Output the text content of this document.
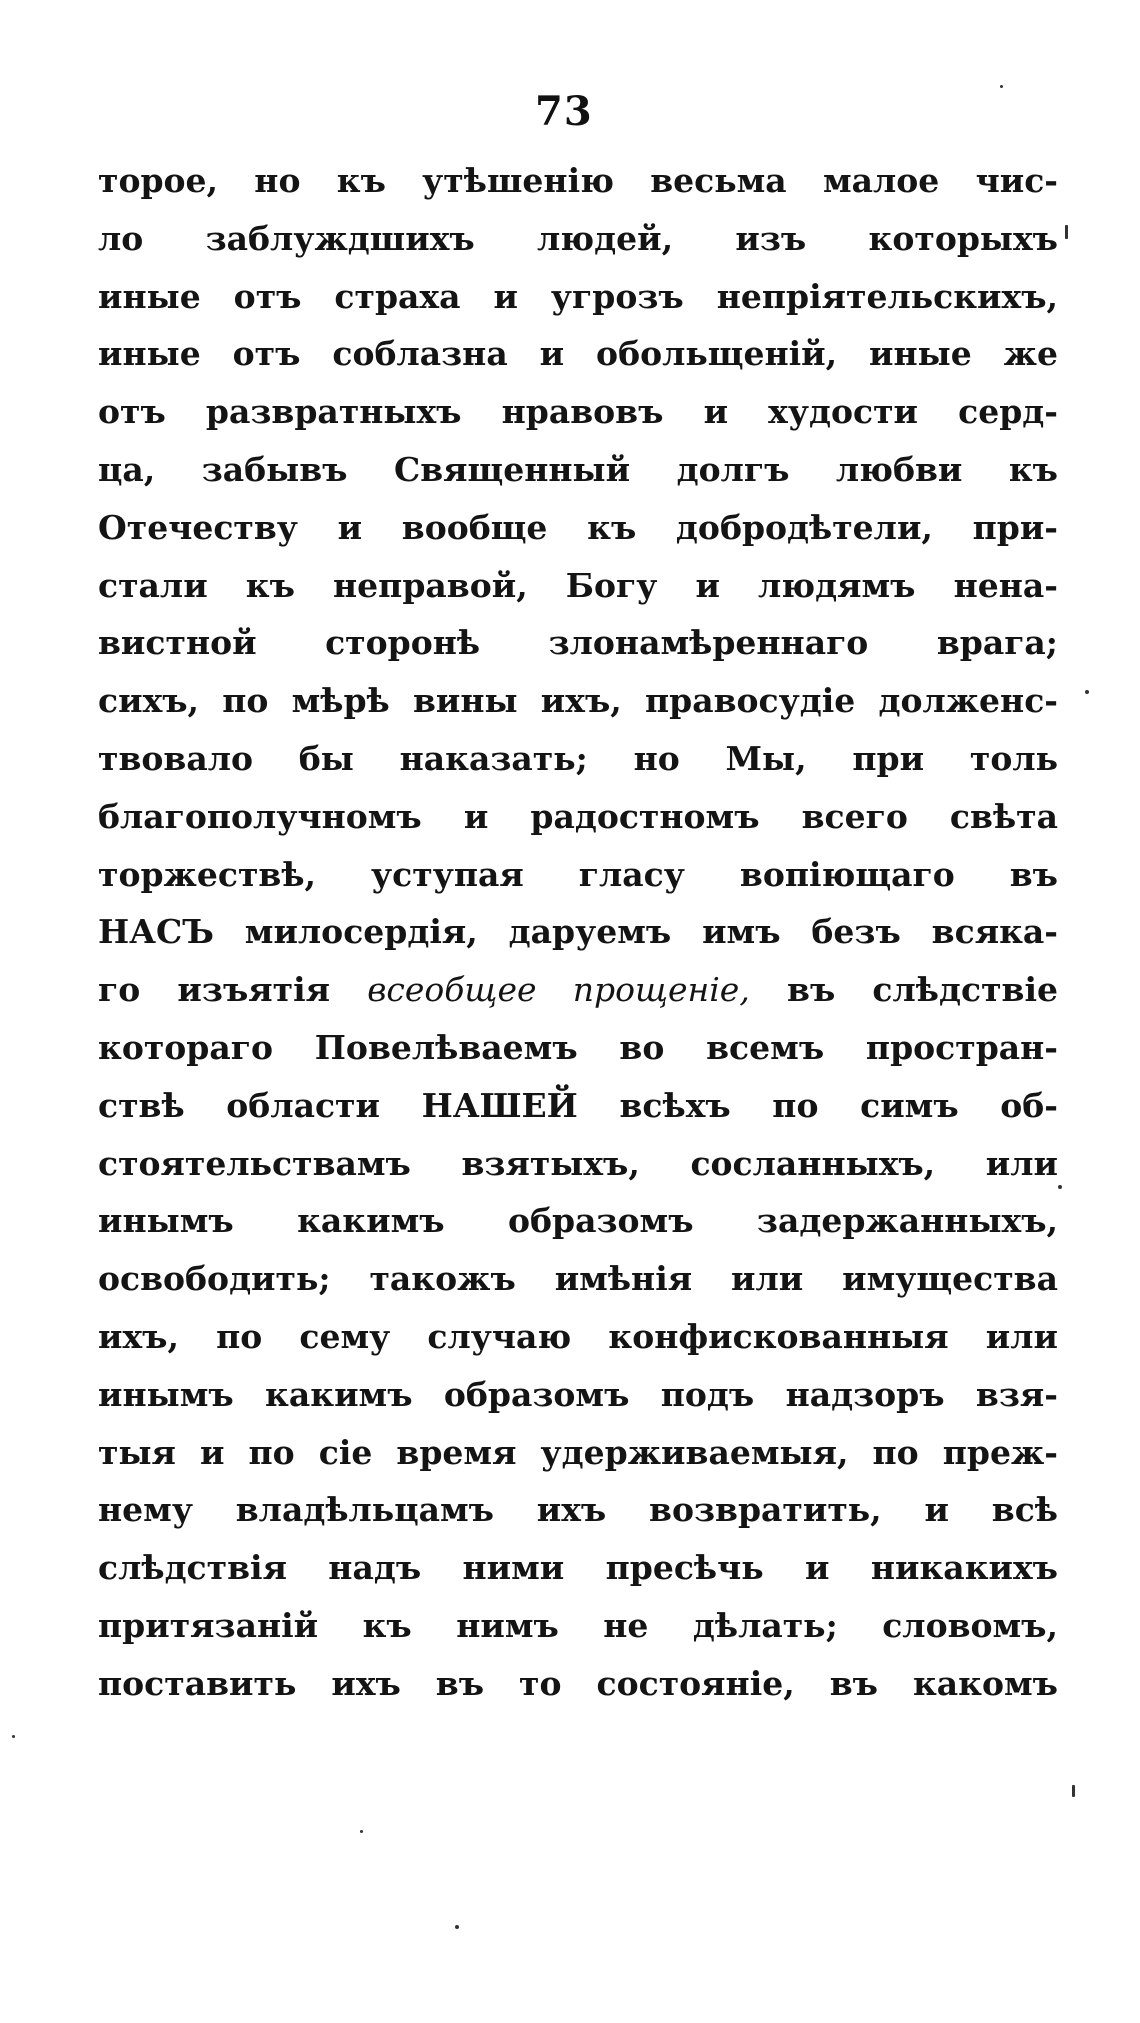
73
торое, но къ утѣшенію весьма малое чис-
ло заблуждшихъ людей, изъ которыхъ
иные отъ страха и угрозъ непріятельскихъ,
иные отъ соблазна и обольщеній, иные же
отъ развратныхъ нравовъ и худости серд-
ца, забывъ Священный долгъ любви къ
Отечеству и вообще къ добродѣтели, при-
стали къ неправой, Богу и людямъ нена-
вистной сторонѣ злонамѣреннаго врага;
сихъ, по мѣрѣ вины ихъ, правосудіе долженс-
твовало бы наказать; но Мы, при толь
благополучномъ и радостномъ всего свѣта
торжествѣ, уступая гласу вопіющаго въ
НАСЪ милосердія, даруемъ имъ безъ всяка-
го изъятія всеобщее прощеніе, въ слѣдствіе
котораго Повелѣваемъ во всемъ простран-
ствѣ области НАШЕЙ всѣхъ по симъ об-
стоятельствамъ взятыхъ, сосланныхъ, или
инымъ какимъ образомъ задержанныхъ,
освободить; такожъ имѣнія или имущества
ихъ, по сему случаю конфискованныя или
инымъ какимъ образомъ подъ надзоръ взя-
тыя и по сіе время удерживаемыя, по преж-
нему владѣльцамъ ихъ возвратить, и всѣ
слѣдствія надъ ними пресѣчь и никакихъ
притязаній къ нимъ не дѣлать; словомъ,
поставить ихъ въ то состояніе, въ какомъ
